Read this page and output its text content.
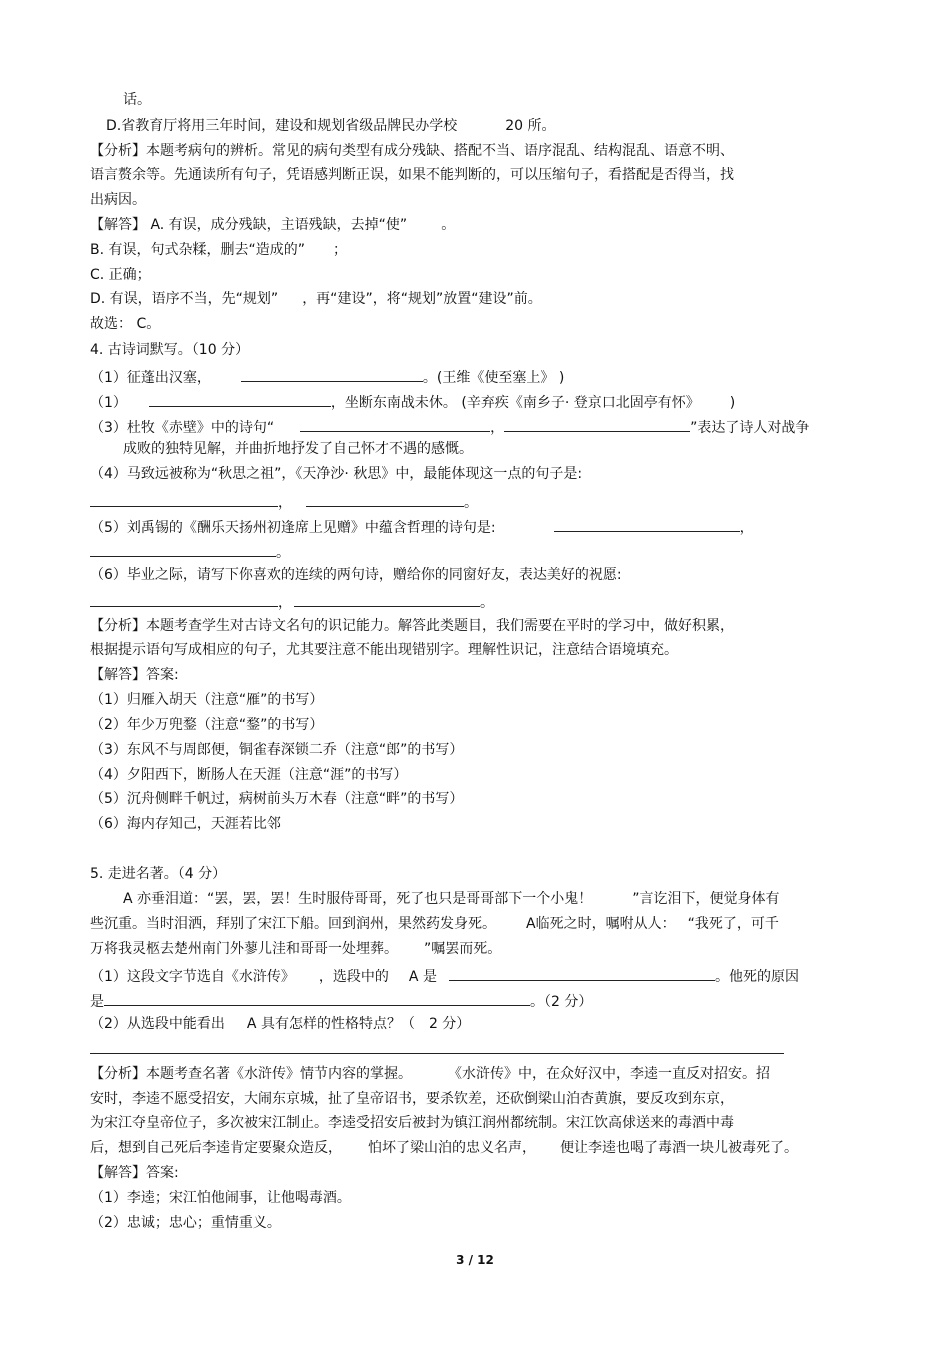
话。
D.省教育厅将用三年时间，建设和规划省级品牌民办学校	20 所。
【分析】本题考病句的辨析。常见的病句类型有成分残缺、搭配不当、语序混乱、结构混乱、语意不明、
语言赘余等。先通读所有句子，凭语感判断正误，如果不能判断的，可以压缩句子，看搭配是否得当，找
出病因。
【解答】 A. 有误，成分残缺，主语残缺，去掉“使” 。
B. 有误，句式杂糅，删去“造成的” ；
C. 正确；
D. 有误，语序不当，先“规划” ，再“建设”，将“规划”放置“建设”前。
故选： C。
4. 古诗词默写。（10 分）
（1）征蓬出汉塞，	。(王维《使至塞上》 )
（1）	，坐断东南战未休。 (辛弃疾《南乡子· 登京口北固亭有怀》 )
（3）杜牧《赤壁》中的诗句“	，	”表达了诗人对战争
成败的独特见解，并曲折地抒发了自己怀才不遇的感慨。
（4）马致远被称为“秋思之祖”，《天净沙· 秋思》中，最能体现这一点的句子是:
，	。
（5）刘禹锡的《酬乐天扬州初逢席上见赠》中蕴含哲理的诗句是:	，
。
（6）毕业之际，请写下你喜欢的连续的两句诗，赠给你的同窗好友，表达美好的祝愿:
，	。
【分析】本题考查学生对古诗文名句的识记能力。解答此类题目，我们需要在平时的学习中，做好积累，
根据提示语句写成相应的句子，尤其要注意不能出现错别字。理解性识记，注意结合语境填充。
【解答】答案:
（1）归雁入胡天（注意“雁”的书写）
（2）年少万兜鍪（注意“鍪”的书写）
（3）东风不与周郎便，铜雀春深锁二乔（注意“郎”的书写）
（4）夕阳西下，断肠人在天涯（注意“涯”的书写）
（5）沉舟侧畔千帆过，病树前头万木春（注意“畔”的书写）
（6）海内存知己，天涯若比邻
5. 走进名著。（4 分）
A 亦垂泪道：“罢，罢，罢！生时服侍哥哥，死了也只是哥哥部下一个小鬼！	”言讫泪下，便觉身体有
些沉重。当时泪洒，拜别了宋江下船。回到润州，果然药发身死。 A临死之时，嘱咐从人： “我死了，可千
万将我灵柩去楚州南门外蓼儿洼和哥哥一处埋葬。 ”嘱罢而死。
（1）这段文字节选自《水浒传》 ，选段中的 A 是	。他死的原因
是	。（2 分）
（2）从选段中能看出 A 具有怎样的性格特点？（ 2 分）
【分析】本题考查名著《水浒传》情节内容的掌握。	《水浒传》中，在众好汉中，李逵一直反对招安。招
安时，李逵不愿受招安，大闹东京城，扯了皇帝诏书，要杀钦差，还砍倒梁山泊杏黄旗，要反攻到东京，
为宋江夺皇帝位子，多次被宋江制止。李逵受招安后被封为镇江润州都统制。宋江饮高俅送来的毒酒中毒
后，想到自己死后李逵肯定要聚众造反， 怕坏了梁山泊的忠义名声， 便让李逵也喝了毒酒一块儿被毒死了。
【解答】答案:
（1）李逵；宋江怕他闹事，让他喝毒酒。
（2）忠诚；忠心；重情重义。
3 / 12
